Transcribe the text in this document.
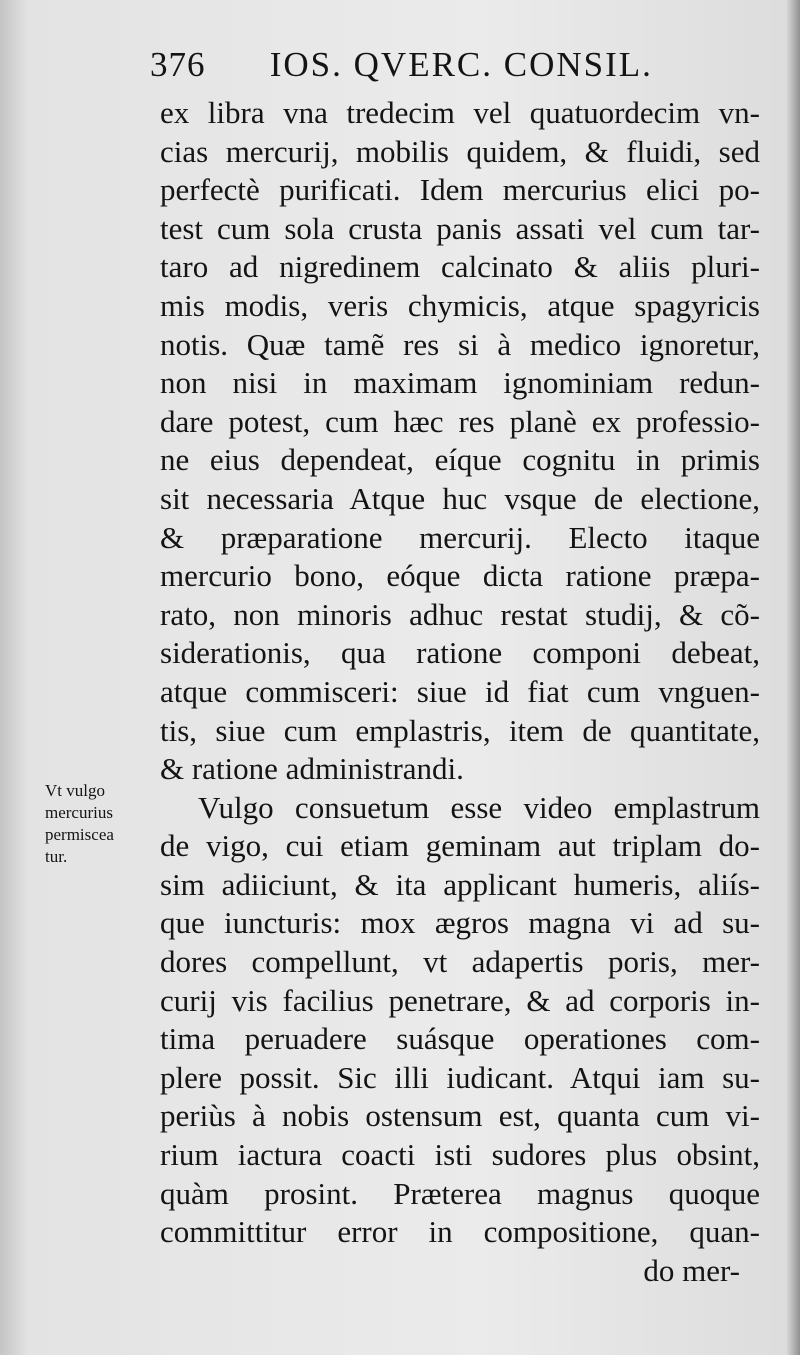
376 IOS. QVERC. CONSIL.
ex libra vna tredecim vel quatuordecim vn-
cias mercurij, mobilis quidem, & fluidi, sed
perfectè purificati. Idem mercurius elici po-
test cum sola crusta panis assati vel cum tar-
taro ad nigredinem calcinato & aliis pluri-
mis modis, veris chymicis, atque spagyricis
notis. Quæ tamẽ res si à medico ignoretur,
non nisi in maximam ignominiam redun-
dare potest, cum hæc res planè ex professio-
ne eius dependeat, eíque cognitu in primis
sit necessaria Atque huc vsque de electione,
& præparatione mercurij. Electo itaque
mercurio bono, eóque dicta ratione præpa-
rato, non minoris adhuc restat studij, & cõ-
siderationis, qua ratione componi debeat,
atque commisceri: siue id fiat cum vnguen-
tis, siue cum emplastris, item de quantitate,
& ratione administrandi.
Vulgo consuetum esse video emplastrum
de vigo, cui etiam geminam aut triplam do-
sim adiiciunt, & ita applicant humeris, aliís-
que iuncturis: mox ægros magna vi ad su-
dores compellunt, vt adapertis poris, mer-
curij vis facilius penetrare, & ad corporis in-
tima peruadere suásque operationes com-
plere possit. Sic illi iudicant. Atqui iam su-
periùs à nobis ostensum est, quanta cum vi-
rium iactura coacti isti sudores plus obsint,
quàm prosint. Præterea magnus quoque
committitur error in compositione, quan-
do mer-
Vt vulgo
mercurius
permiscea
tur.
